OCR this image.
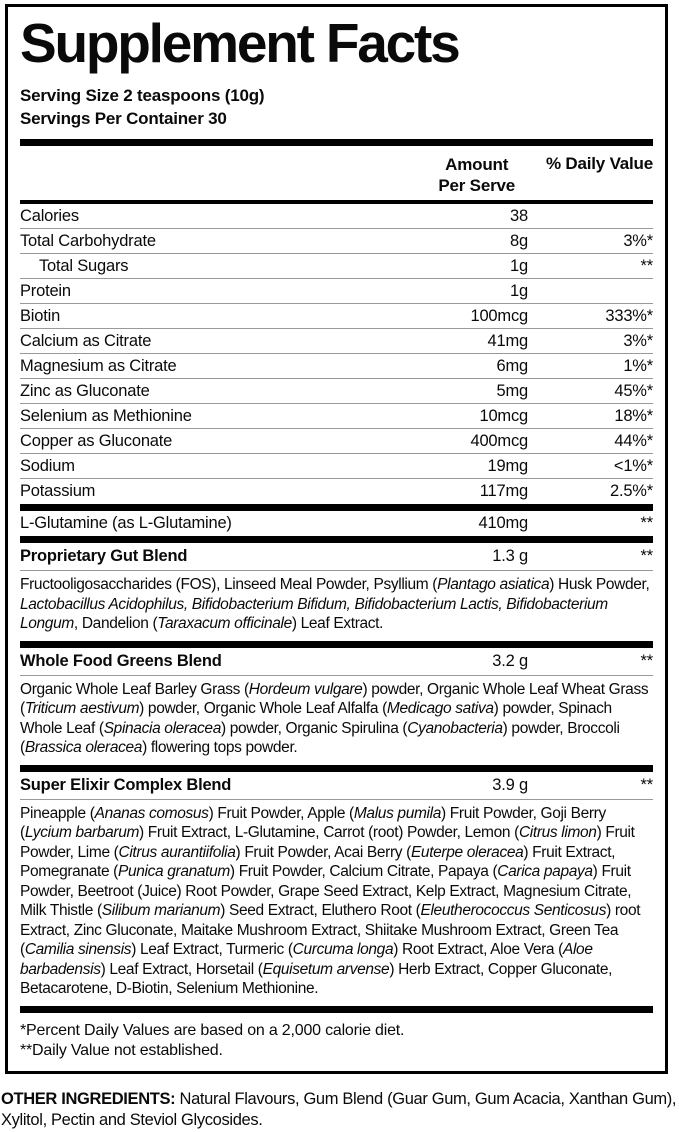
Supplement Facts
Serving Size 2 teaspoons (10g)
Servings Per Container 30
Amount
Per Serve
% Daily Value
Calories	38
Total Carbohydrate	8g	3%*
Total Sugars	1g	**
Protein	1g
Biotin	100mcg	333%*
Calcium as Citrate	41mg	3%*
Magnesium as Citrate	6mg	1%*
Zinc as Gluconate	5mg	45%*
Selenium as Methionine	10mcg	18%*
Copper as Gluconate	400mcg	44%*
Sodium	19mg	<1%*
Potassium	117mg	2.5%*
L-Glutamine (as L-Glutamine)	410mg	**
Proprietary Gut Blend	1.3 g	**
Fructooligosaccharides (FOS), Linseed Meal Powder, Psyllium (Plantago asiatica) Husk Powder, Lactobacillus Acidophilus, Bifidobacterium Bifidum, Bifidobacterium Lactis, Bifidobacterium Longum, Dandelion (Taraxacum officinale) Leaf Extract.
Whole Food Greens Blend	3.2 g	**
Organic Whole Leaf Barley Grass (Hordeum vulgare) powder, Organic Whole Leaf Wheat Grass (Triticum aestivum) powder, Organic Whole Leaf Alfalfa (Medicago sativa) powder, Spinach Whole Leaf (Spinacia oleracea) powder, Organic Spirulina (Cyanobacteria) powder, Broccoli (Brassica oleracea) flowering tops powder.
Super Elixir Complex Blend	3.9 g	**
Pineapple (Ananas comosus) Fruit Powder, Apple (Malus pumila) Fruit Powder, Goji Berry (Lycium barbarum) Fruit Extract, L-Glutamine, Carrot (root) Powder, Lemon (Citrus limon) Fruit Powder, Lime (Citrus aurantiifolia) Fruit Powder, Acai Berry (Euterpe oleracea) Fruit Extract, Pomegranate (Punica granatum) Fruit Powder, Calcium Citrate, Papaya (Carica papaya) Fruit Powder, Beetroot (Juice) Root Powder, Grape Seed Extract, Kelp Extract, Magnesium Citrate, Milk Thistle (Silibum marianum) Seed Extract, Eluthero Root (Eleutherococcus Senticosus) root Extract, Zinc Gluconate, Maitake Mushroom Extract, Shiitake Mushroom Extract, Green Tea (Camilia sinensis) Leaf Extract, Turmeric (Curcuma longa) Root Extract, Aloe Vera (Aloe barbadensis) Leaf Extract, Horsetail (Equisetum arvense) Herb Extract, Copper Gluconate, Betacarotene, D-Biotin, Selenium Methionine.
*Percent Daily Values are based on a 2,000 calorie diet.
**Daily Value not established.
OTHER INGREDIENTS: Natural Flavours, Gum Blend (Guar Gum, Gum Acacia, Xanthan Gum), Xylitol, Pectin and Steviol Glycosides.
